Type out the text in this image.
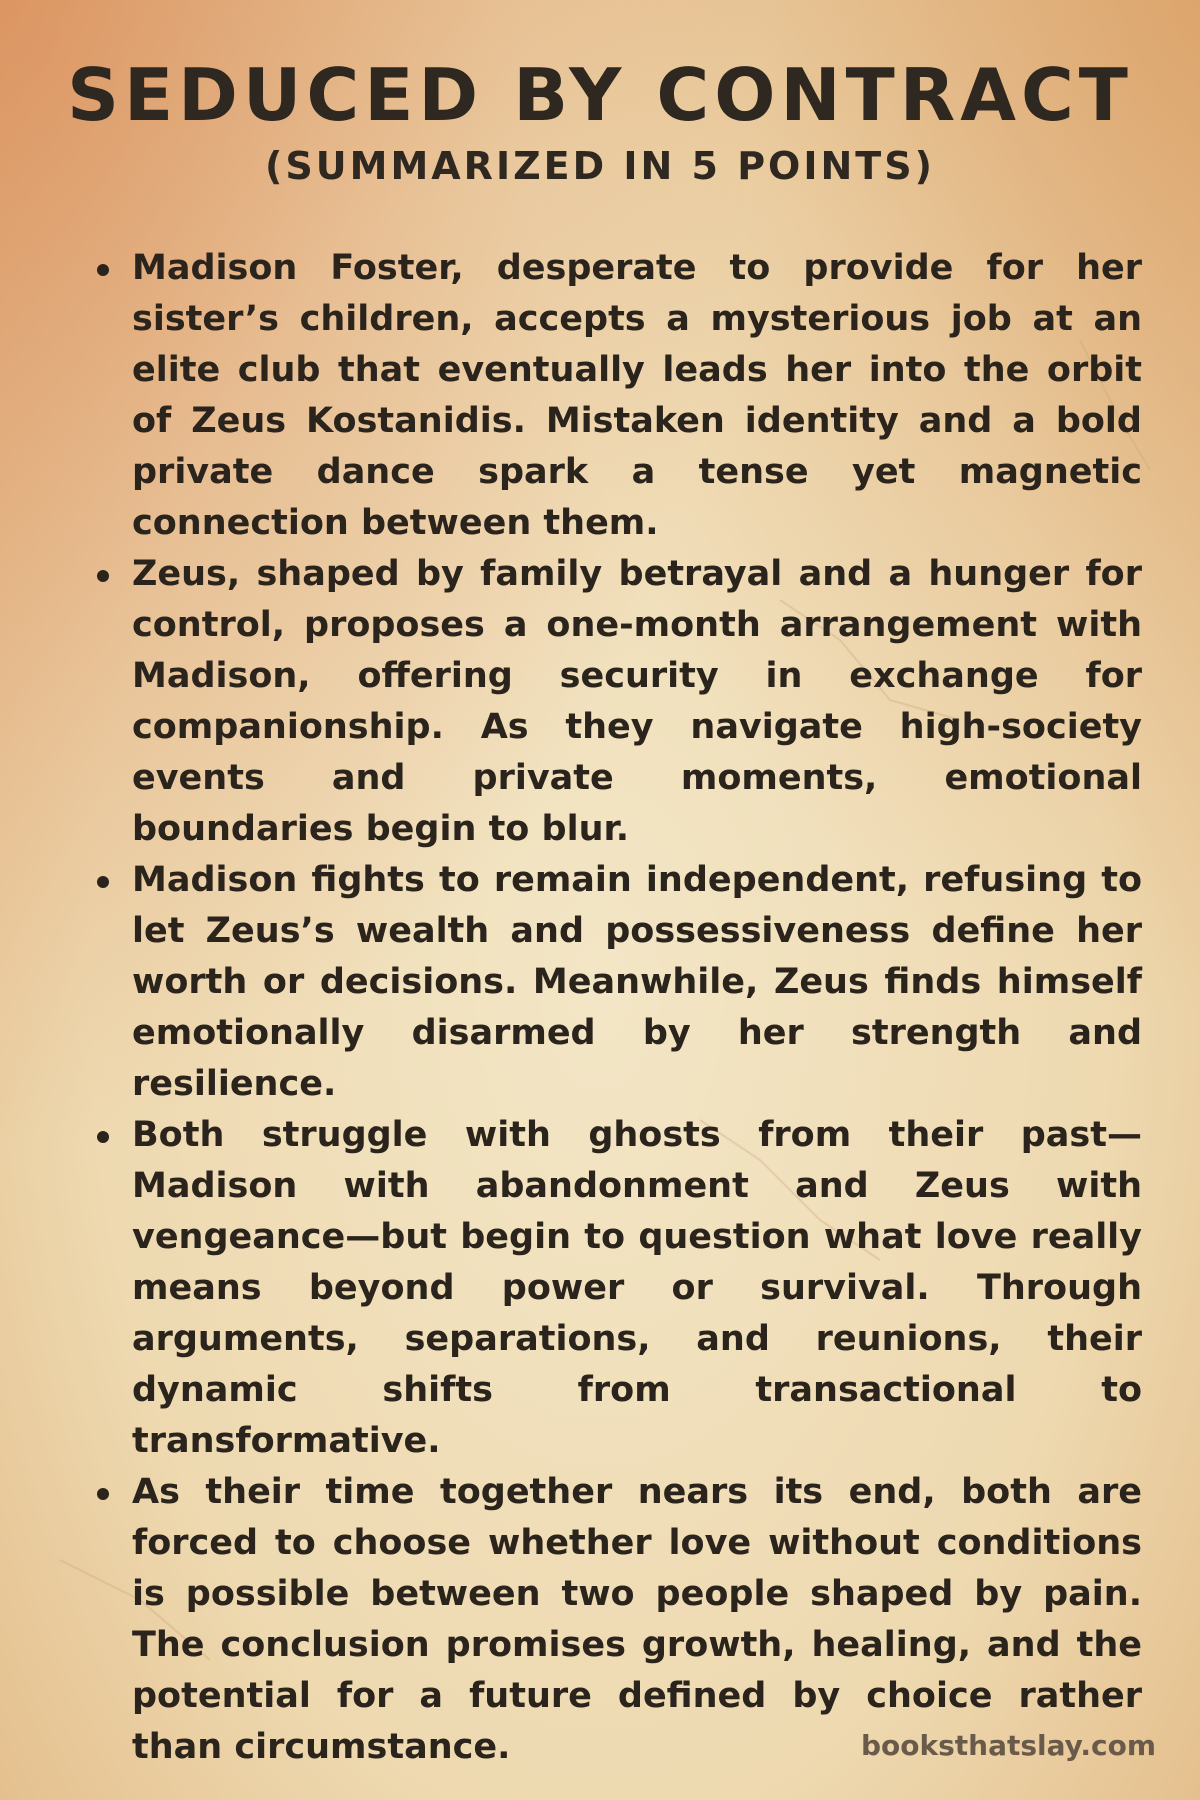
SEDUCED BY CONTRACT
(SUMMARIZED IN 5 POINTS)
Madison Foster, desperate to provide for her sister’s children, accepts a mysterious job at an elite club that eventually leads her into the orbit of Zeus Kostanidis. Mistaken identity and a bold private dance spark a tense yet magnetic connection between them.
Zeus, shaped by family betrayal and a hunger for control, proposes a one-month arrangement with Madison, offering security in exchange for companionship. As they navigate high-society events and private moments, emotional boundaries begin to blur.
Madison fights to remain independent, refusing to let Zeus’s wealth and possessiveness define her worth or decisions. Meanwhile, Zeus finds himself emotionally disarmed by her strength and resilience.
Both struggle with ghosts from their past—Madison with abandonment and Zeus with vengeance—but begin to question what love really means beyond power or survival. Through arguments, separations, and reunions, their dynamic shifts from transactional to transformative.
As their time together nears its end, both are forced to choose whether love without conditions is possible between two people shaped by pain. The conclusion promises growth, healing, and the potential for a future defined by choice rather than circumstance.	booksthatslay.com
